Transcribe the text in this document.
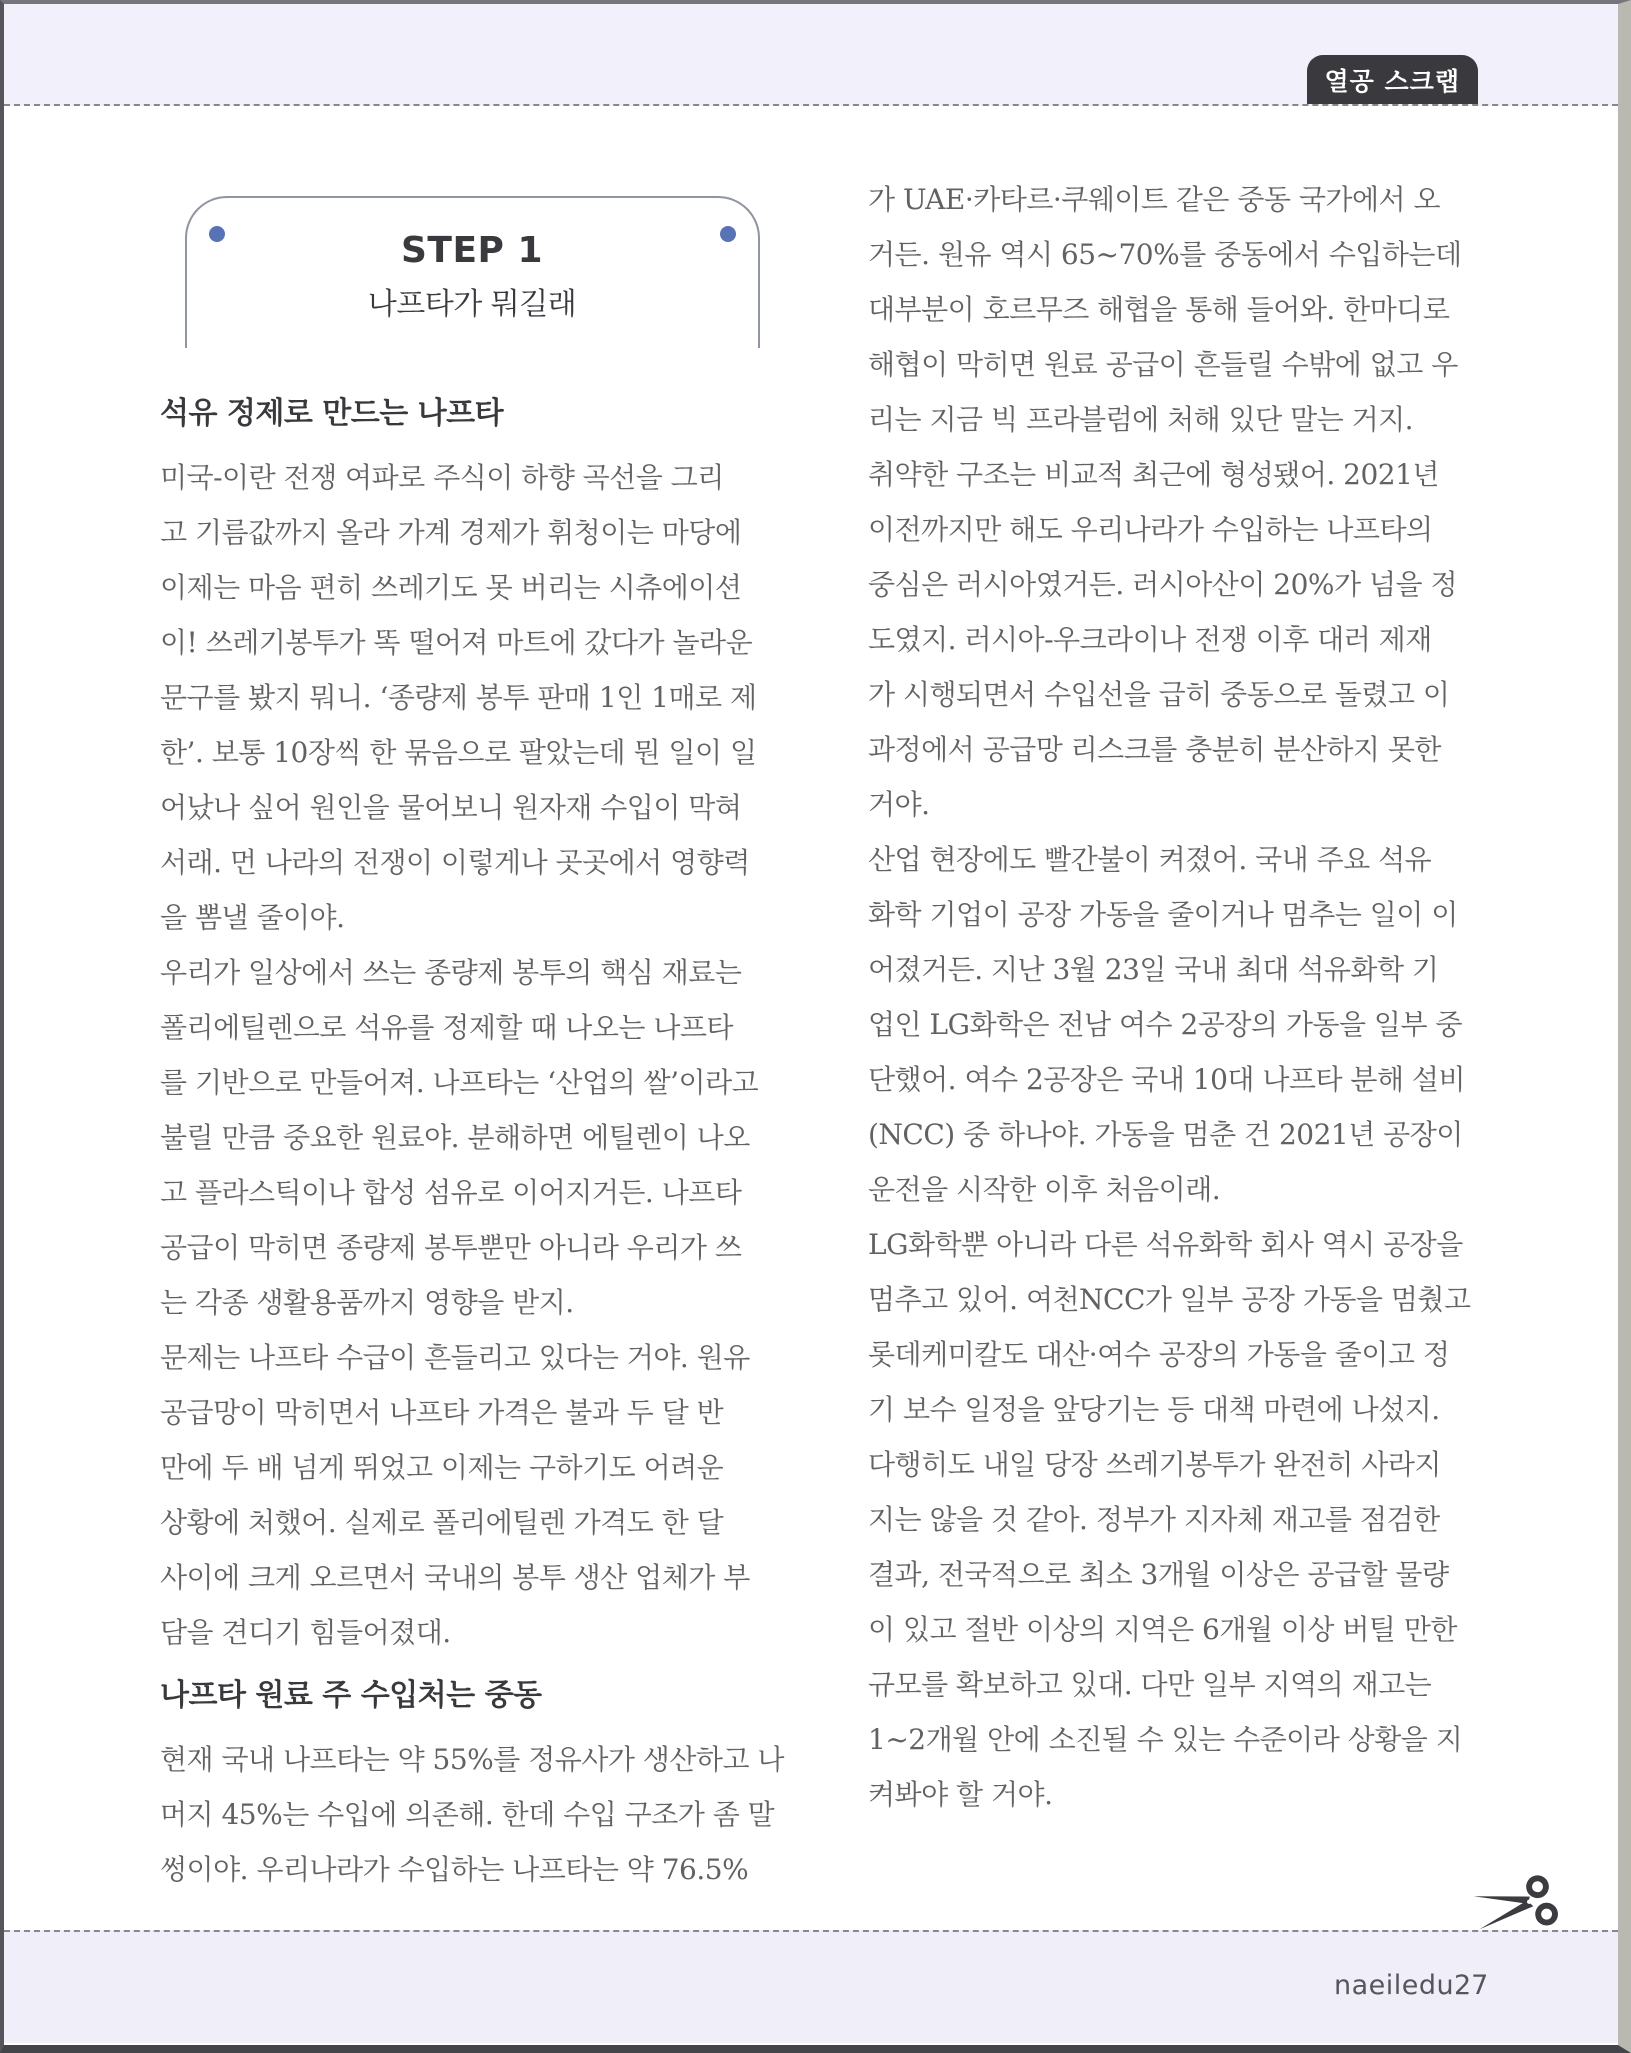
열공 스크랩
STEP 1
나프타가 뭐길래
석유 정제로 만드는 나프타
미국-이란 전쟁 여파로 주식이 하향 곡선을 그리
고 기름값까지 올라 가계 경제가 휘청이는 마당에
이제는 마음 편히 쓰레기도 못 버리는 시츄에이션
이! 쓰레기봉투가 똑 떨어져 마트에 갔다가 놀라운
문구를 봤지 뭐니. ‘종량제 봉투 판매 1인 1매로 제
한’. 보통 10장씩 한 묶음으로 팔았는데 뭔 일이 일
어났나 싶어 원인을 물어보니 원자재 수입이 막혀
서래. 먼 나라의 전쟁이 이렇게나 곳곳에서 영향력
을 뽐낼 줄이야.
우리가 일상에서 쓰는 종량제 봉투의 핵심 재료는
폴리에틸렌으로 석유를 정제할 때 나오는 나프타
를 기반으로 만들어져. 나프타는 ‘산업의 쌀’이라고
불릴 만큼 중요한 원료야. 분해하면 에틸렌이 나오
고 플라스틱이나 합성 섬유로 이어지거든. 나프타
공급이 막히면 종량제 봉투뿐만 아니라 우리가 쓰
는 각종 생활용품까지 영향을 받지.
문제는 나프타 수급이 흔들리고 있다는 거야. 원유
공급망이 막히면서 나프타 가격은 불과 두 달 반
만에 두 배 넘게 뛰었고 이제는 구하기도 어려운
상황에 처했어. 실제로 폴리에틸렌 가격도 한 달
사이에 크게 오르면서 국내의 봉투 생산 업체가 부
담을 견디기 힘들어졌대.
나프타 원료 주 수입처는 중동
현재 국내 나프타는 약 55%를 정유사가 생산하고 나
머지 45%는 수입에 의존해. 한데 수입 구조가 좀 말
썽이야. 우리나라가 수입하는 나프타는 약 76.5%
가 UAE·카타르·쿠웨이트 같은 중동 국가에서 오
거든. 원유 역시 65~70%를 중동에서 수입하는데
대부분이 호르무즈 해협을 통해 들어와. 한마디로
해협이 막히면 원료 공급이 흔들릴 수밖에 없고 우
리는 지금 빅 프라블럼에 처해 있단 말는 거지.
취약한 구조는 비교적 최근에 형성됐어. 2021년
이전까지만 해도 우리나라가 수입하는 나프타의
중심은 러시아였거든. 러시아산이 20%가 넘을 정
도였지. 러시아-우크라이나 전쟁 이후 대러 제재
가 시행되면서 수입선을 급히 중동으로 돌렸고 이
과정에서 공급망 리스크를 충분히 분산하지 못한
거야.
산업 현장에도 빨간불이 켜졌어. 국내 주요 석유
화학 기업이 공장 가동을 줄이거나 멈추는 일이 이
어졌거든. 지난 3월 23일 국내 최대 석유화학 기
업인 LG화학은 전남 여수 2공장의 가동을 일부 중
단했어. 여수 2공장은 국내 10대 나프타 분해 설비
(NCC) 중 하나야. 가동을 멈춘 건 2021년 공장이
운전을 시작한 이후 처음이래.
LG화학뿐 아니라 다른 석유화학 회사 역시 공장을
멈추고 있어. 여천NCC가 일부 공장 가동을 멈췄고
롯데케미칼도 대산·여수 공장의 가동을 줄이고 정
기 보수 일정을 앞당기는 등 대책 마련에 나섰지.
다행히도 내일 당장 쓰레기봉투가 완전히 사라지
지는 않을 것 같아. 정부가 지자체 재고를 점검한
결과, 전국적으로 최소 3개월 이상은 공급할 물량
이 있고 절반 이상의 지역은 6개월 이상 버틸 만한
규모를 확보하고 있대. 다만 일부 지역의 재고는
1~2개월 안에 소진될 수 있는 수준이라 상황을 지
켜봐야 할 거야.
naeiledu 27
